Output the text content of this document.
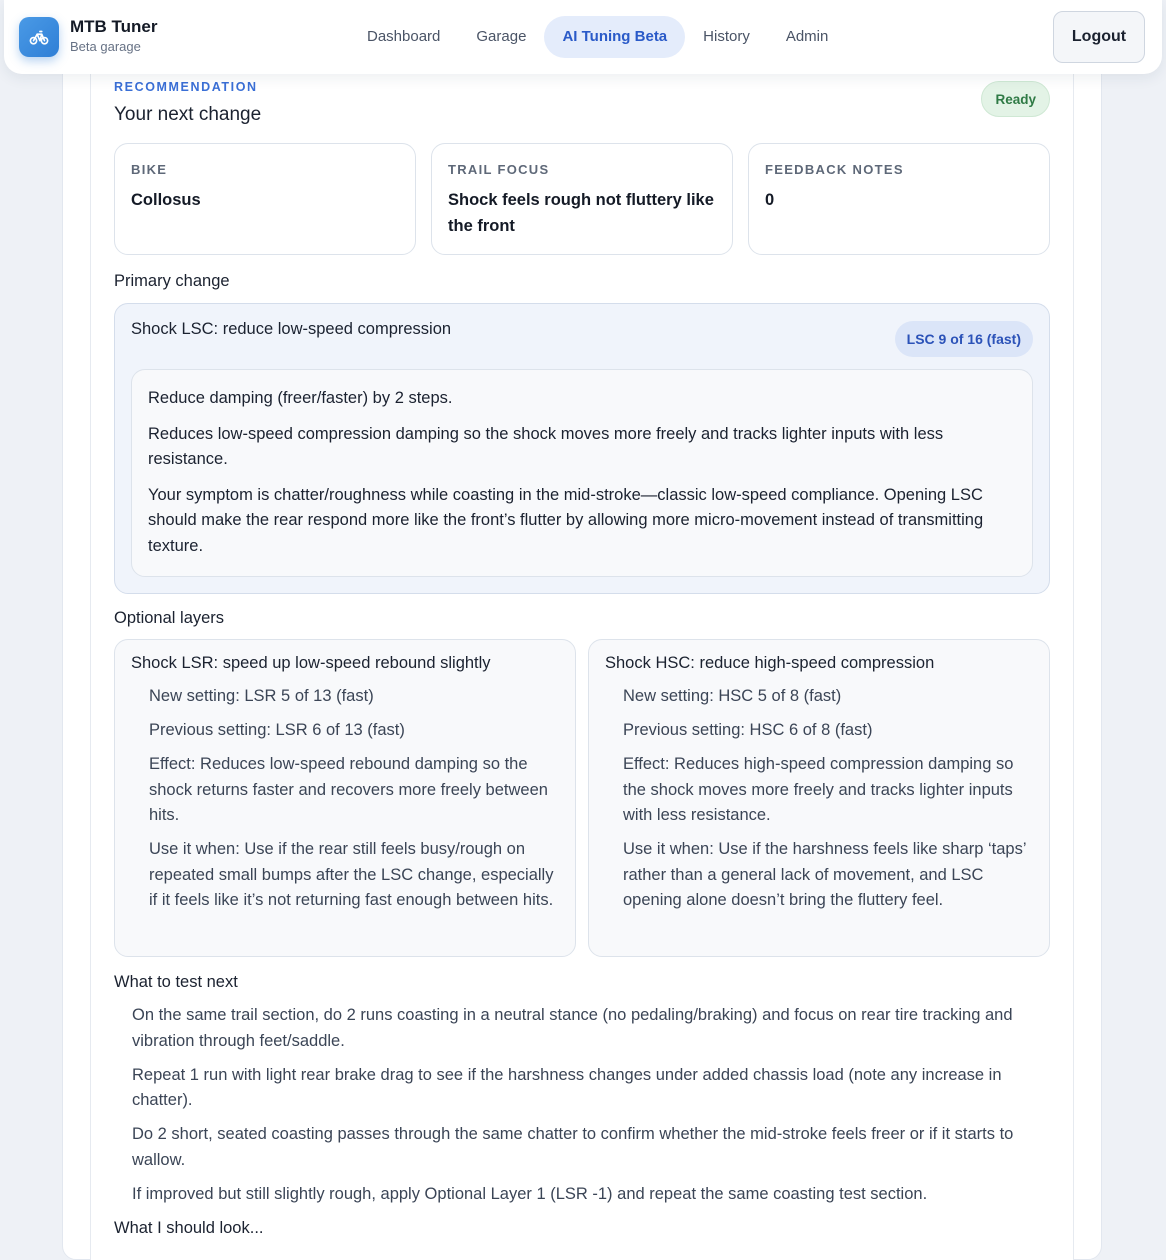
MTB Tuner
Beta garage
Dashboard	Garage	AI Tuning Beta	History	Admin	Logout
RECOMMENDATION
Your next change
Ready
BIKE
Collosus
TRAIL FOCUS
Shock feels rough not fluttery like the front
FEEDBACK NOTES
0
Primary change
Shock LSC: reduce low-speed compression
LSC 9 of 16 (fast)

Reduce damping (freer/faster) by 2 steps.

Reduces low-speed compression damping so the shock moves more freely and tracks lighter inputs with less resistance.

Your symptom is chatter/roughness while coasting in the mid-stroke—classic low-speed compliance. Opening LSC should make the rear respond more like the front’s flutter by allowing more micro-movement instead of transmitting texture.

Optional layers
Shock LSR: speed up low-speed rebound slightly
New setting: LSR 5 of 13 (fast)
Previous setting: LSR 6 of 13 (fast)
Effect: Reduces low-speed rebound damping so the shock returns faster and recovers more freely between hits.
Use it when: Use if the rear still feels busy/rough on repeated small bumps after the LSC change, especially if it feels like it’s not returning fast enough between hits.
Shock HSC: reduce high-speed compression
New setting: HSC 5 of 8 (fast)
Previous setting: HSC 6 of 8 (fast)
Effect: Reduces high-speed compression damping so the shock moves more freely and tracks lighter inputs with less resistance.
Use it when: Use if the harshness feels like sharp ‘taps’ rather than a general lack of movement, and LSC opening alone doesn’t bring the fluttery feel.
What to test next
On the same trail section, do 2 runs coasting in a neutral stance (no pedaling/braking) and focus on rear tire tracking and vibration through feet/saddle.
Repeat 1 run with light rear brake drag to see if the harshness changes under added chassis load (note any increase in chatter).
Do 2 short, seated coasting passes through the same chatter to confirm whether the mid-stroke feels freer or if it starts to wallow.
If improved but still slightly rough, apply Optional Layer 1 (LSR -1) and repeat the same coasting test section.
What I should look...
